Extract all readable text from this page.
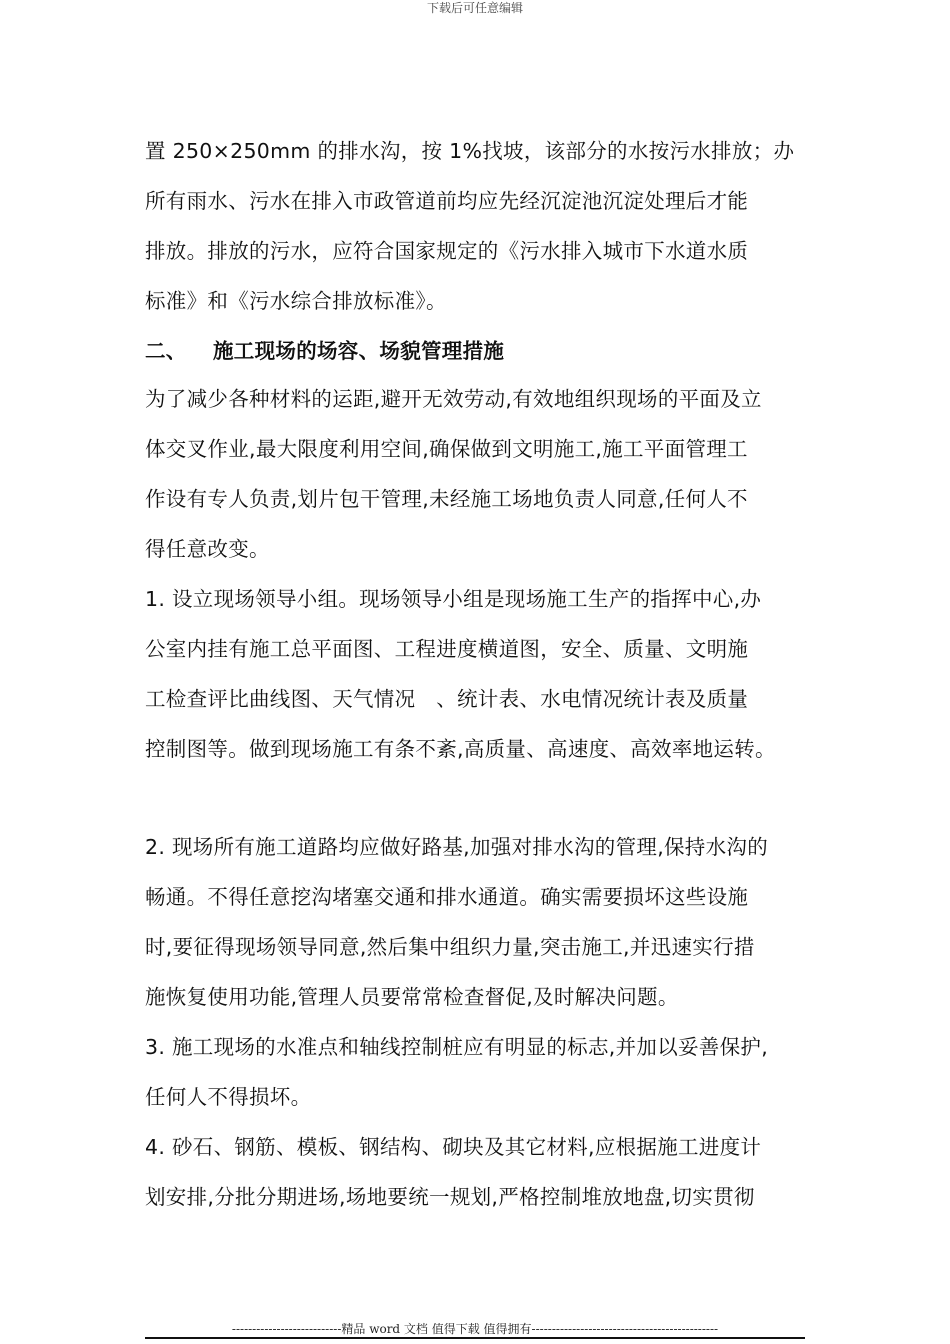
下载后可任意编辑
置 250×250mm 的排水沟，按 1%找坡，该部分的水按污水排放；办
所有雨水、污水在排入市政管道前均应先经沉淀池沉淀处理后才能
排放。排放的污水，应符合国家规定的《污水排入城市下水道水质
标准》和《污水综合排放标准》。
二、 施工现场的场容、场貌管理措施
为了减少各种材料的运距,避开无效劳动,有效地组织现场的平面及立
体交叉作业,最大限度利用空间,确保做到文明施工,施工平面管理工
作设有专人负责,划片包干管理,未经施工场地负责人同意,任何人不
得任意改变。
1. 设立现场领导小组。现场领导小组是现场施工生产的指挥中心,办
公室内挂有施工总平面图、工程进度横道图，安全、质量、文明施
工检查评比曲线图、天气情况　、统计表、水电情况统计表及质量
控制图等。做到现场施工有条不紊,高质量、高速度、高效率地运转。
2. 现场所有施工道路均应做好路基,加强对排水沟的管理,保持水沟的
畅通。不得任意挖沟堵塞交通和排水通道。确实需要损坏这些设施
时,要征得现场领导同意,然后集中组织力量,突击施工,并迅速实行措
施恢复使用功能,管理人员要常常检查督促,及时解决问题。
3. 施工现场的水准点和轴线控制桩应有明显的标志,并加以妥善保护,
任何人不得损坏。
4. 砂石、钢筋、模板、钢结构、砌块及其它材料,应根据施工进度计
划安排,分批分期进场,场地要统一规划,严格控制堆放地盘,切实贯彻
---------------------------精品 word 文档 值得下载 值得拥有----------------------------------------------
